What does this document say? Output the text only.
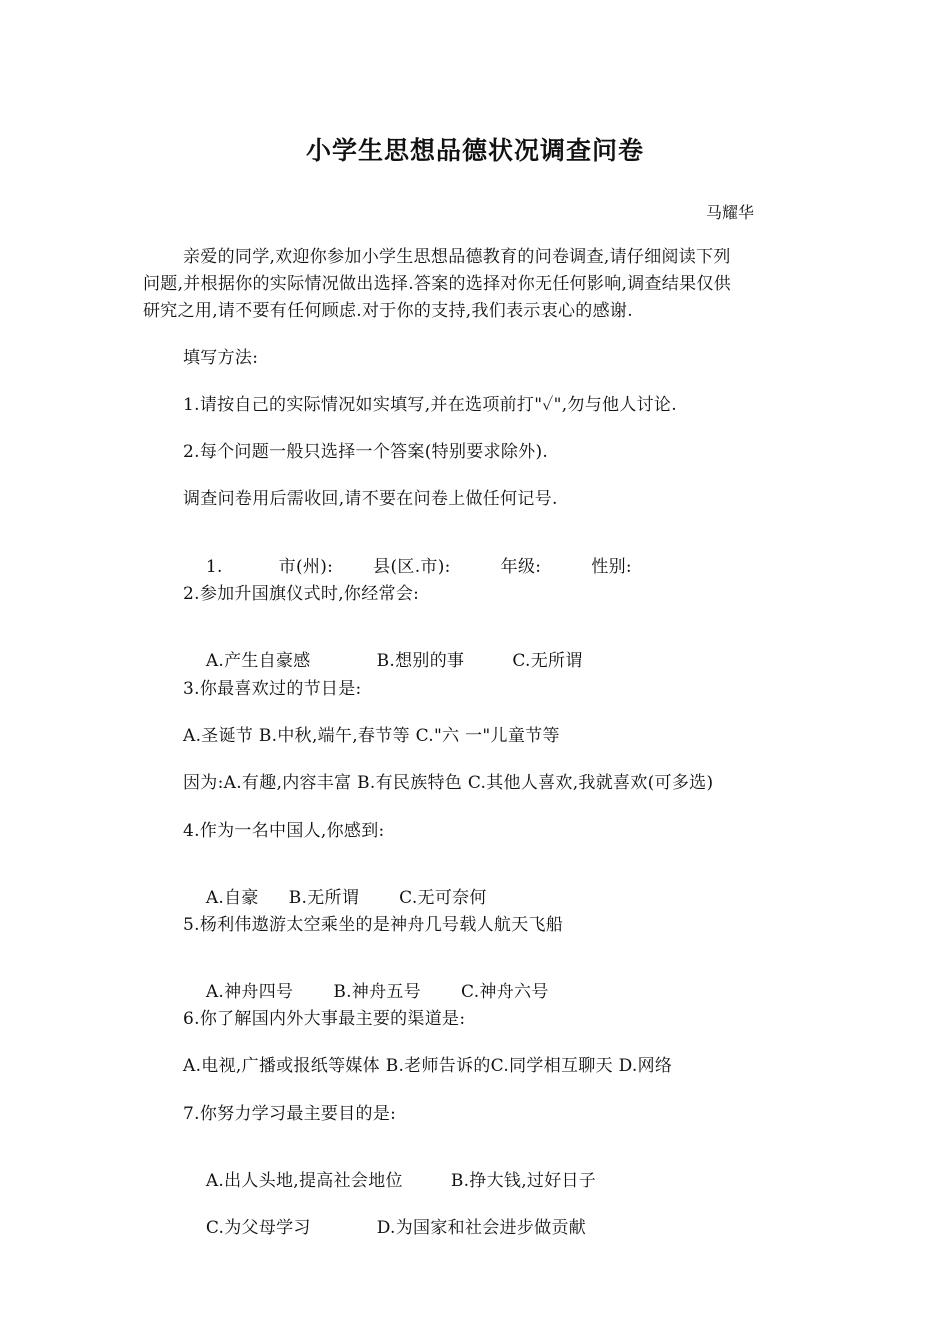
小学生思想品德状况调查问卷
马耀华
亲爱的同学,欢迎你参加小学生思想品德教育的问卷调查,请仔细阅读下列
问题,并根据你的实际情况做出选择.答案的选择对你无任何影响,调查结果仅供
研究之用,请不要有任何顾虑.对于你的支持,我们表示衷心的感谢.
填写方法:
1.请按自己的实际情况如实填写,并在选项前打"✓",勿与他人讨论.
2.每个问题一般只选择一个答案(特别要求除外).
调查问卷用后需收回,请不要在问卷上做任何记号.

1.	市(州): 县(区.市):	年级:	性别:

2.参加升国旗仪式时,你经常会:

A.产生自豪感	B.想别的事	C.无所谓

3.你最喜欢过的节日是:
A.圣诞节 B.中秋,端午,春节等 C."六 一"儿童节等
因为:A.有趣,内容丰富 B.有民族特色 C.其他人喜欢,我就喜欢(可多选)
4.作为一名中国人,你感到:

A.自豪 B.无所谓 C.无可奈何

5.杨利伟遨游太空乘坐的是神舟几号载人航天飞船

A.神舟四号 B.神舟五号 C.神舟六号

6.你了解国内外大事最主要的渠道是:
A.电视,广播或报纸等媒体 B.老师告诉的C.同学相互聊天 D.网络
7.你努力学习最主要目的是:

A.出人头地,提高社会地位	B.挣大钱,过好日子

C.为父母学习	D.为国家和社会进步做贡献
